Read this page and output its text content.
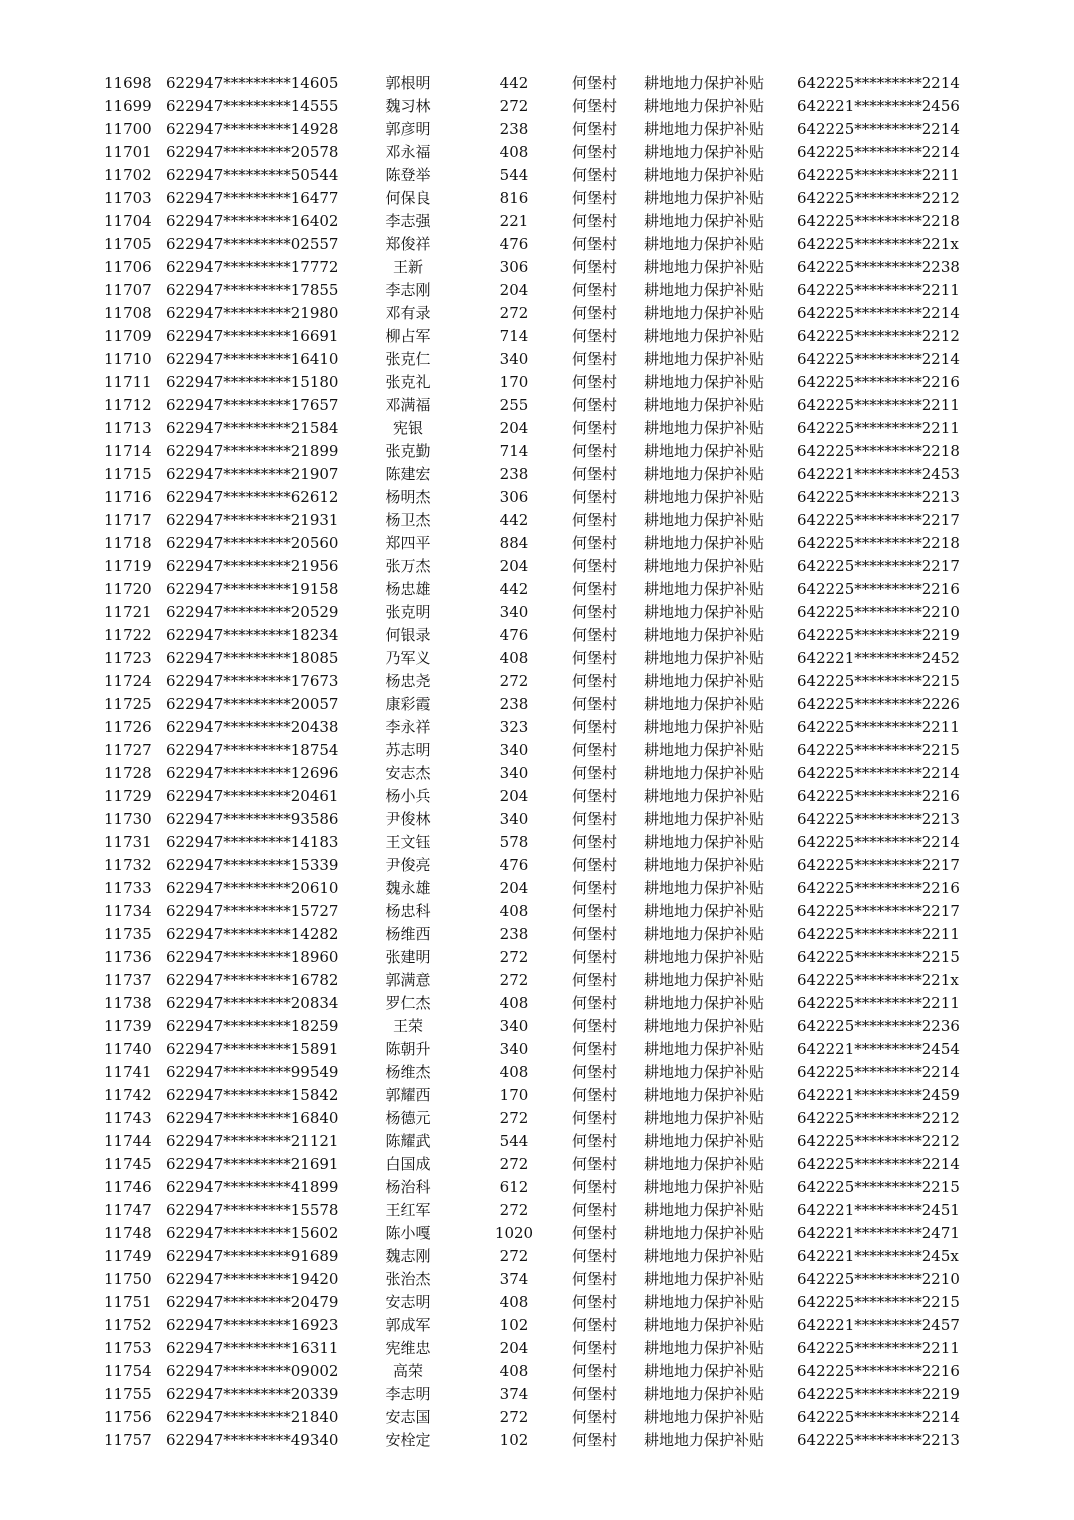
11698 622947*********14605	郭根明	442	何堡村	耕地地力保护补贴	642225*********2214
11699 622947*********14555	魏习林	272	何堡村	耕地地力保护补贴	642221*********2456
11700 622947*********14928	郭彦明	238	何堡村	耕地地力保护补贴	642225*********2214
11701 622947*********20578	邓永福	408	何堡村	耕地地力保护补贴	642225*********2214
11702 622947*********50544	陈登举	544	何堡村	耕地地力保护补贴	642225*********2211
11703 622947*********16477	何保良	816	何堡村	耕地地力保护补贴	642225*********2212
11704 622947*********16402	李志强	221	何堡村	耕地地力保护补贴	642225*********2218
11705 622947*********02557	郑俊祥	476	何堡村	耕地地力保护补贴	642225*********221x
11706 622947*********17772	王新	306	何堡村	耕地地力保护补贴	642225*********2238
11707 622947*********17855	李志刚	204	何堡村	耕地地力保护补贴	642225*********2211
11708 622947*********21980	邓有录	272	何堡村	耕地地力保护补贴	642225*********2214
11709 622947*********16691	柳占军	714	何堡村	耕地地力保护补贴	642225*********2212
11710 622947*********16410	张克仁	340	何堡村	耕地地力保护补贴	642225*********2214
11711 622947*********15180	张克礼	170	何堡村	耕地地力保护补贴	642225*********2216
11712 622947*********17657	邓满福	255	何堡村	耕地地力保护补贴	642225*********2211
11713 622947*********21584	宪银	204	何堡村	耕地地力保护补贴	642225*********2211
11714 622947*********21899	张克勤	714	何堡村	耕地地力保护补贴	642225*********2218
11715 622947*********21907	陈建宏	238	何堡村	耕地地力保护补贴	642221*********2453
11716 622947*********62612	杨明杰	306	何堡村	耕地地力保护补贴	642225*********2213
11717 622947*********21931	杨卫杰	442	何堡村	耕地地力保护补贴	642225*********2217
11718 622947*********20560	郑四平	884	何堡村	耕地地力保护补贴	642225*********2218
11719 622947*********21956	张万杰	204	何堡村	耕地地力保护补贴	642225*********2217
11720 622947*********19158	杨忠雄	442	何堡村	耕地地力保护补贴	642225*********2216
11721 622947*********20529	张克明	340	何堡村	耕地地力保护补贴	642225*********2210
11722 622947*********18234	何银录	476	何堡村	耕地地力保护补贴	642225*********2219
11723 622947*********18085	乃军义	408	何堡村	耕地地力保护补贴	642221*********2452
11724 622947*********17673	杨忠尧	272	何堡村	耕地地力保护补贴	642225*********2215
11725 622947*********20057	康彩霞	238	何堡村	耕地地力保护补贴	642225*********2226
11726 622947*********20438	李永祥	323	何堡村	耕地地力保护补贴	642225*********2211
11727 622947*********18754	苏志明	340	何堡村	耕地地力保护补贴	642225*********2215
11728 622947*********12696	安志杰	340	何堡村	耕地地力保护补贴	642225*********2214
11729 622947*********20461	杨小兵	204	何堡村	耕地地力保护补贴	642225*********2216
11730 622947*********93586	尹俊林	340	何堡村	耕地地力保护补贴	642225*********2213
11731 622947*********14183	王文钰	578	何堡村	耕地地力保护补贴	642225*********2214
11732 622947*********15339	尹俊亮	476	何堡村	耕地地力保护补贴	642225*********2217
11733 622947*********20610	魏永雄	204	何堡村	耕地地力保护补贴	642225*********2216
11734 622947*********15727	杨忠科	408	何堡村	耕地地力保护补贴	642225*********2217
11735 622947*********14282	杨维西	238	何堡村	耕地地力保护补贴	642225*********2211
11736 622947*********18960	张建明	272	何堡村	耕地地力保护补贴	642225*********2215
11737 622947*********16782	郭满意	272	何堡村	耕地地力保护补贴	642225*********221x
11738 622947*********20834	罗仁杰	408	何堡村	耕地地力保护补贴	642225*********2211
11739 622947*********18259	王荣	340	何堡村	耕地地力保护补贴	642225*********2236
11740 622947*********15891	陈朝升	340	何堡村	耕地地力保护补贴	642221*********2454
11741 622947*********99549	杨维杰	408	何堡村	耕地地力保护补贴	642225*********2214
11742 622947*********15842	郭耀西	170	何堡村	耕地地力保护补贴	642221*********2459
11743 622947*********16840	杨德元	272	何堡村	耕地地力保护补贴	642225*********2212
11744 622947*********21121	陈耀武	544	何堡村	耕地地力保护补贴	642225*********2212
11745 622947*********21691	白国成	272	何堡村	耕地地力保护补贴	642225*********2214
11746 622947*********41899	杨治科	612	何堡村	耕地地力保护补贴	642225*********2215
11747 622947*********15578	王红军	272	何堡村	耕地地力保护补贴	642221*********2451
11748 622947*********15602	陈小嘎	1020	何堡村	耕地地力保护补贴	642221*********2471
11749 622947*********91689	魏志刚	272	何堡村	耕地地力保护补贴	642221*********245x
11750 622947*********19420	张治杰	374	何堡村	耕地地力保护补贴	642225*********2210
11751 622947*********20479	安志明	408	何堡村	耕地地力保护补贴	642225*********2215
11752 622947*********16923	郭成军	102	何堡村	耕地地力保护补贴	642221*********2457
11753 622947*********16311	宪维忠	204	何堡村	耕地地力保护补贴	642225*********2211
11754 622947*********09002	高荣	408	何堡村	耕地地力保护补贴	642225*********2216
11755 622947*********20339	李志明	374	何堡村	耕地地力保护补贴	642225*********2219
11756 622947*********21840	安志国	272	何堡村	耕地地力保护补贴	642225*********2214
11757 622947*********49340	安栓定	102	何堡村	耕地地力保护补贴	642225*********2213
